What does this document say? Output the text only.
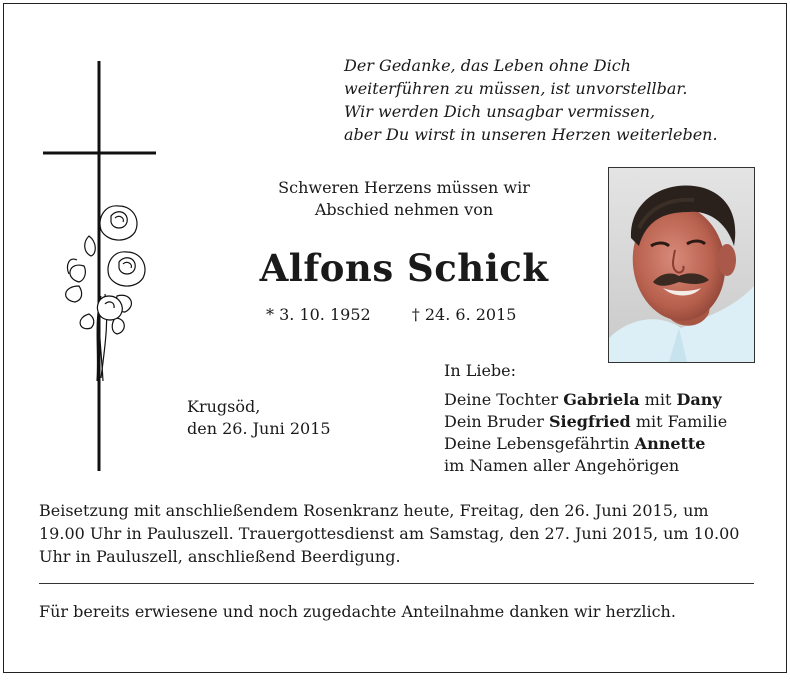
Der Gedanke, das Leben ohne Dich
weiterführen zu müssen, ist unvorstellbar.
Wir werden Dich unsagbar vermissen,
aber Du wirst in unseren Herzen weiterleben.
Schweren Herzens müssen wir
Abschied nehmen von
Alfons Schick
* 3. 10. 1952	† 24. 6. 2015
Krugsöd,
den 26. Juni 2015
In Liebe:
Deine Tochter Gabriela mit Dany
Dein Bruder Siegfried mit Familie
Deine Lebensgefährtin Annette
im Namen aller Angehörigen
Beisetzung mit anschließendem Rosenkranz heute, Freitag, den 26. Juni 2015, um 19.00 Uhr in Pauluszell. Trauergottesdienst am Samstag, den 27. Juni 2015, um 10.00 Uhr in Pauluszell, anschließend Beerdigung.
Für bereits erwiesene und noch zugedachte Anteilnahme danken wir herzlich.
